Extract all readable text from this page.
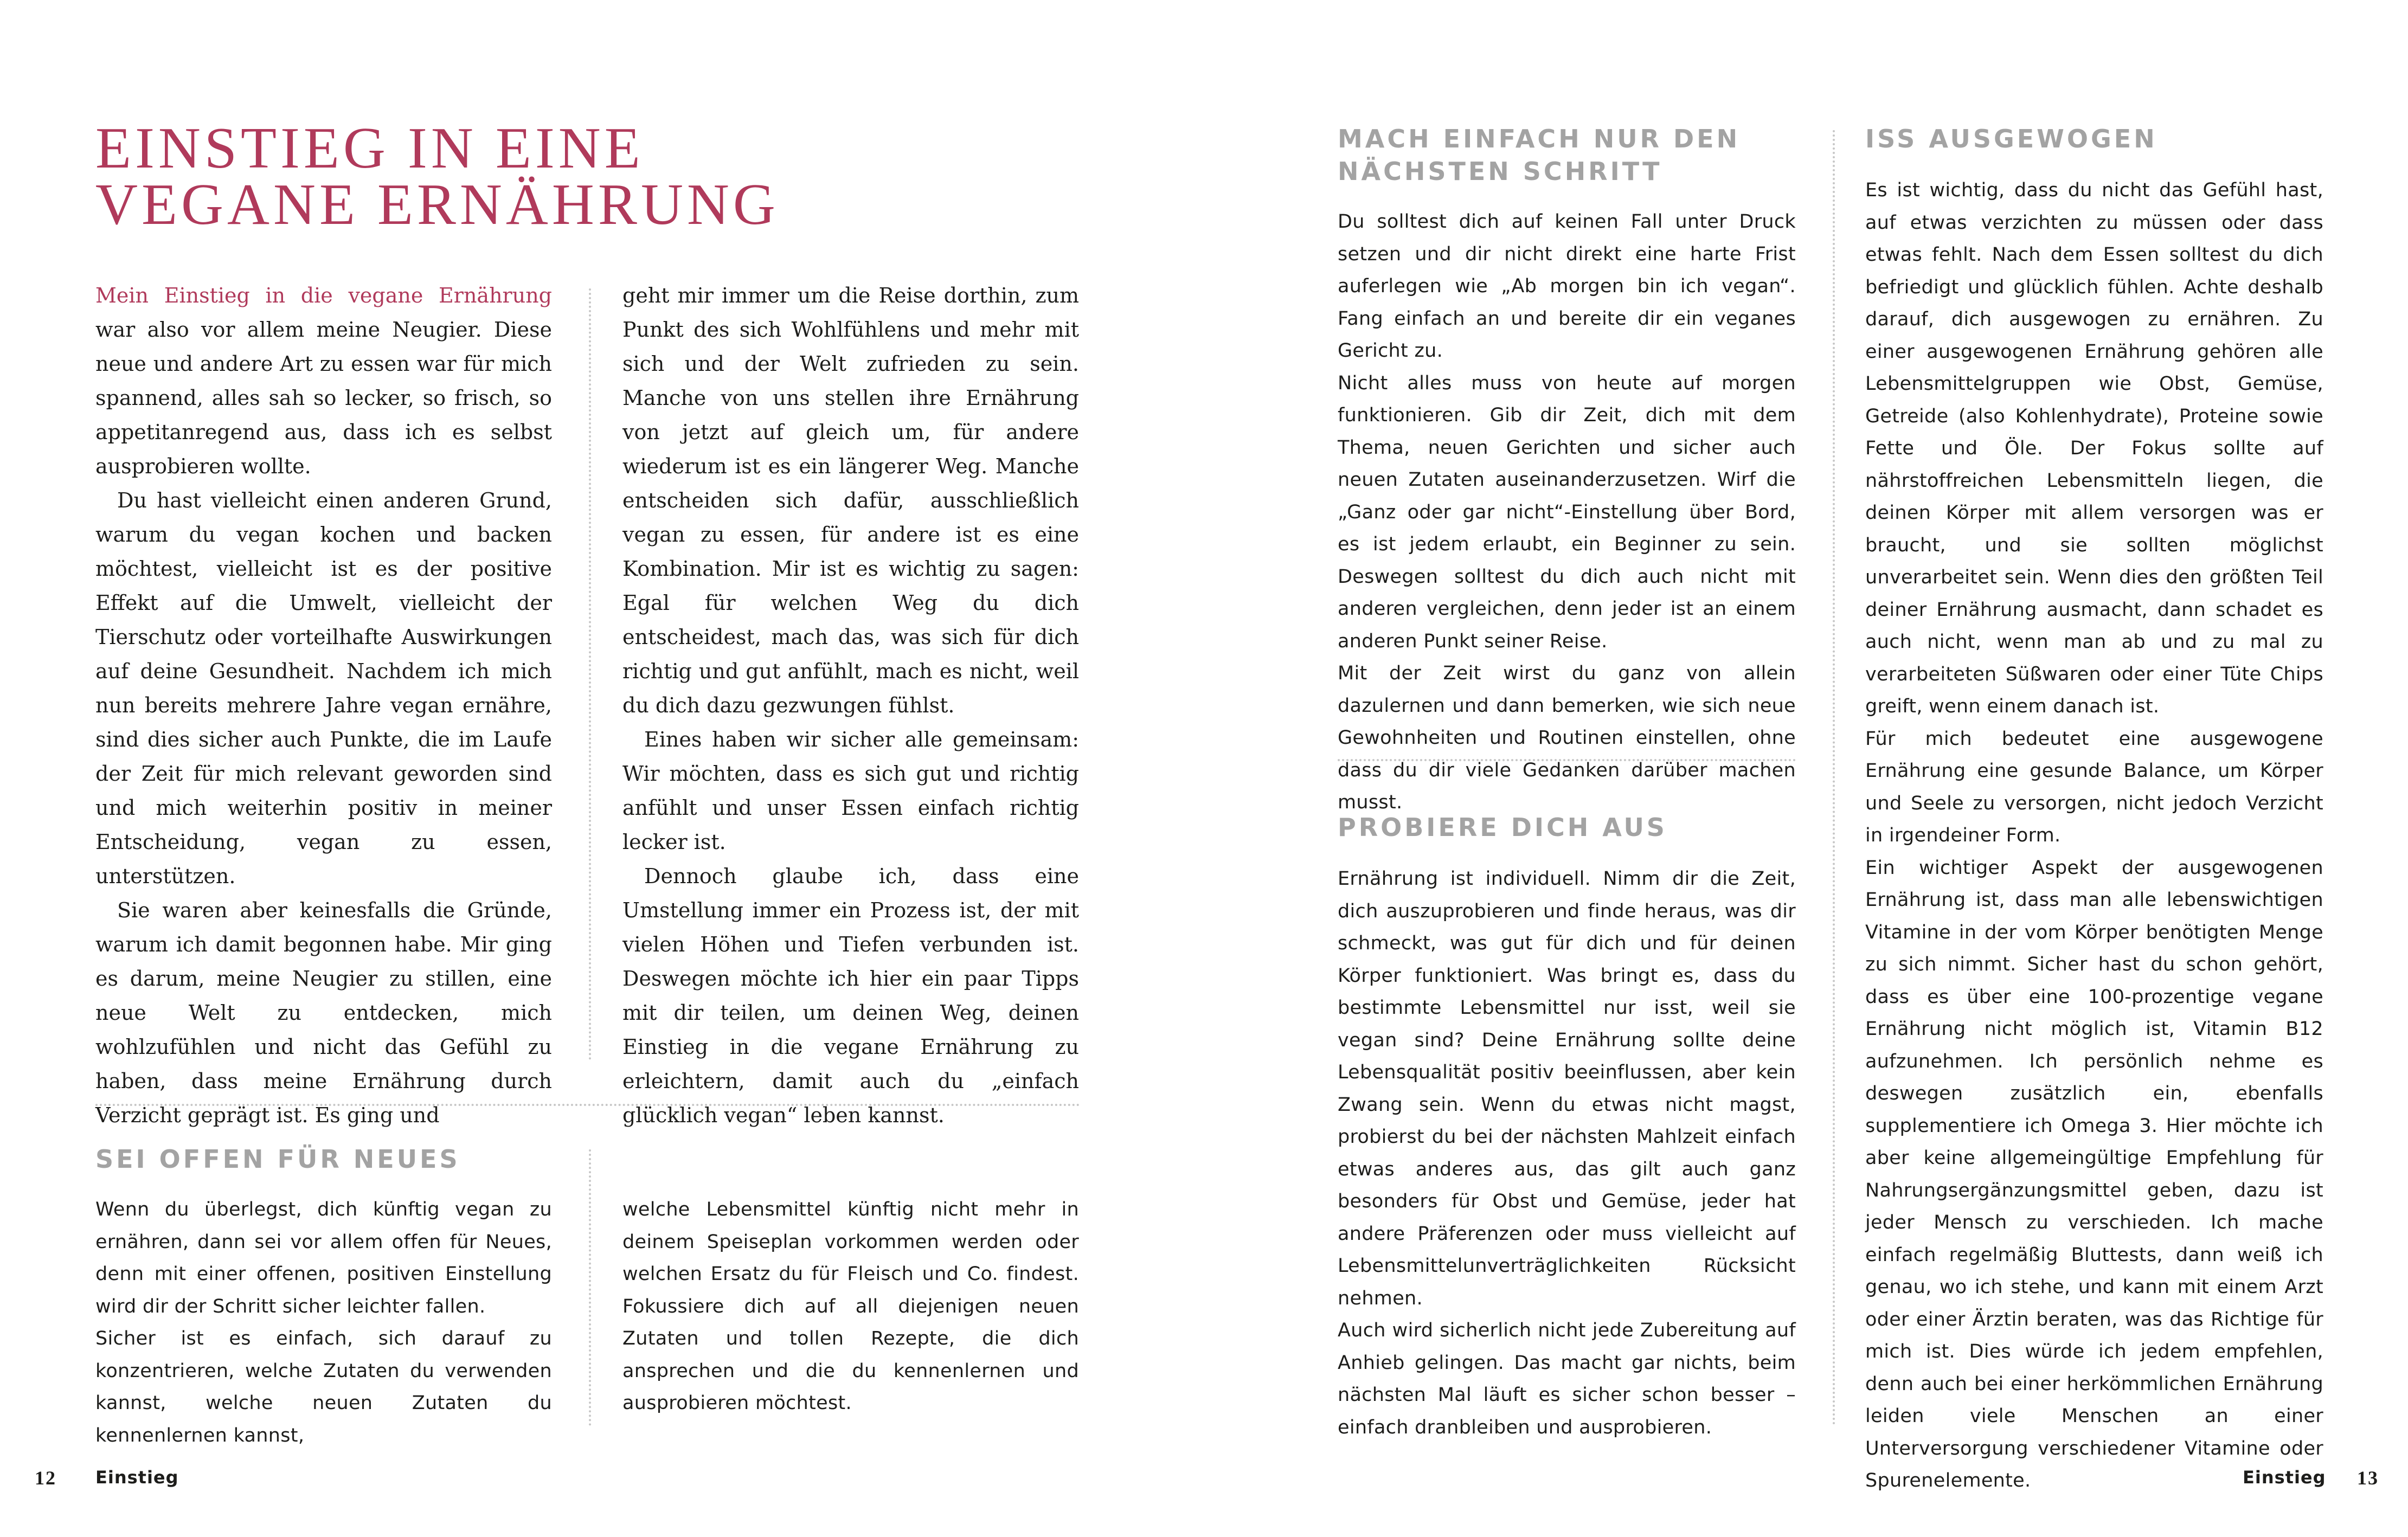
EINSTIEG IN EINE
VEGANE ERNÄHRUNG

Mein Einstieg in die vegane Ernährung war also vor allem meine Neugier. Diese neue und andere Art zu essen war für mich spannend, alles sah so lecker, so frisch, so appetitanregend aus, dass ich es selbst ausprobieren wollte.

Du hast vielleicht einen anderen Grund, warum du vegan kochen und backen möchtest, vielleicht ist es der positive Effekt auf die Umwelt, vielleicht der Tierschutz oder vorteilhafte Auswirkungen auf deine Gesundheit. Nachdem ich mich nun bereits mehrere Jahre vegan ernähre, sind dies sicher auch Punkte, die im Laufe der Zeit für mich relevant geworden sind und mich weiterhin positiv in meiner Entscheidung, vegan zu essen, unterstützen.

Sie waren aber keinesfalls die Gründe, warum ich damit begonnen habe. Mir ging es darum, meine Neugier zu stillen, eine neue Welt zu entdecken, mich wohlzufühlen und nicht das Gefühl zu haben, dass meine Ernährung durch Verzicht geprägt ist. Es ging und

geht mir immer um die Reise dorthin, zum Punkt des sich Wohlfühlens und mehr mit sich und der Welt zufrieden zu sein. Manche von uns stellen ihre Ernährung von jetzt auf gleich um, für andere wiederum ist es ein längerer Weg. Manche entscheiden sich dafür, ausschließlich vegan zu essen, für andere ist es eine Kombination. Mir ist es wichtig zu sagen: Egal für welchen Weg du dich entscheidest, mach das, was sich für dich richtig und gut anfühlt, mach es nicht, weil du dich dazu gezwungen fühlst.

Eines haben wir sicher alle gemeinsam: Wir möchten, dass es sich gut und richtig anfühlt und unser Essen einfach richtig lecker ist.

Dennoch glaube ich, dass eine Umstellung immer ein Prozess ist, der mit vielen Höhen und Tiefen verbunden ist. Deswegen möchte ich hier ein paar Tipps mit dir teilen, um deinen Weg, deinen Einstieg in die vegane Ernährung zu erleichtern, damit auch du „einfach glücklich vegan“ leben kannst.

SEI OFFEN FÜR NEUES

Wenn du überlegst, dich künftig vegan zu ernähren, dann sei vor allem offen für Neues, denn mit einer offenen, positiven Einstellung wird dir der Schritt sicher leichter fallen.

Sicher ist es einfach, sich darauf zu konzentrieren, welche Zutaten du verwenden kannst, welche neuen Zutaten du kennenlernen kannst,

welche Lebensmittel künftig nicht mehr in deinem Speiseplan vorkommen werden oder welchen Ersatz du für Fleisch und Co. findest. Fokussiere dich auf all diejenigen neuen Zutaten und tollen Rezepte, die dich ansprechen und die du kennenlernen und ausprobieren möchtest.

12 Einstieg
MACH EINFACH NUR DEN
NÄCHSTEN SCHRITT

Du solltest dich auf keinen Fall unter Druck setzen und dir nicht direkt eine harte Frist auferlegen wie „Ab morgen bin ich vegan“. Fang einfach an und bereite dir ein veganes Gericht zu.

Nicht alles muss von heute auf morgen funktionieren. Gib dir Zeit, dich mit dem Thema, neuen Gerichten und sicher auch neuen Zutaten auseinanderzusetzen. Wirf die „Ganz oder gar nicht“-Einstellung über Bord, es ist jedem erlaubt, ein Beginner zu sein. Deswegen solltest du dich auch nicht mit anderen vergleichen, denn jeder ist an einem anderen Punkt seiner Reise.

Mit der Zeit wirst du ganz von allein dazulernen und dann bemerken, wie sich neue Gewohnheiten und Routinen einstellen, ohne dass du dir viele Gedanken darüber machen musst.

PROBIERE DICH AUS

Ernährung ist individuell. Nimm dir die Zeit, dich auszuprobieren und finde heraus, was dir schmeckt, was gut für dich und für deinen Körper funktioniert. Was bringt es, dass du bestimmte Lebensmittel nur isst, weil sie vegan sind? Deine Ernährung sollte deine Lebensqualität positiv beeinflussen, aber kein Zwang sein. Wenn du etwas nicht magst, probierst du bei der nächsten Mahlzeit einfach etwas anderes aus, das gilt auch ganz besonders für Obst und Gemüse, jeder hat andere Präferenzen oder muss vielleicht auf Lebensmittelunverträglichkeiten Rücksicht nehmen.

Auch wird sicherlich nicht jede Zubereitung auf Anhieb gelingen. Das macht gar nichts, beim nächsten Mal läuft es sicher schon besser – einfach dranbleiben und ausprobieren.

ISS AUSGEWOGEN

Es ist wichtig, dass du nicht das Gefühl hast, auf etwas verzichten zu müssen oder dass etwas fehlt. Nach dem Essen solltest du dich befriedigt und glücklich fühlen. Achte deshalb darauf, dich ausgewogen zu ernähren. Zu einer ausgewogenen Ernährung gehören alle Lebensmittelgruppen wie Obst, Gemüse, Getreide (also Kohlenhydrate), Proteine sowie Fette und Öle. Der Fokus sollte auf nährstoffreichen Lebensmitteln liegen, die deinen Körper mit allem versorgen was er braucht, und sie sollten möglichst unverarbeitet sein. Wenn dies den größten Teil deiner Ernährung ausmacht, dann schadet es auch nicht, wenn man ab und zu mal zu verarbeiteten Süßwaren oder einer Tüte Chips greift, wenn einem danach ist.

Für mich bedeutet eine ausgewogene Ernährung eine gesunde Balance, um Körper und Seele zu versorgen, nicht jedoch Verzicht in irgendeiner Form.

Ein wichtiger Aspekt der ausgewogenen Ernährung ist, dass man alle lebenswichtigen Vitamine in der vom Körper benötigten Menge zu sich nimmt. Sicher hast du schon gehört, dass es über eine 100-prozentige vegane Ernährung nicht möglich ist, Vitamin B12 aufzunehmen. Ich persönlich nehme es deswegen zusätzlich ein, ebenfalls supplementiere ich Omega 3. Hier möchte ich aber keine allgemeingültige Empfehlung für Nahrungsergänzungsmittel geben, dazu ist jeder Mensch zu verschieden. Ich mache einfach regelmäßig Bluttests, dann weiß ich genau, wo ich stehe, und kann mit einem Arzt oder einer Ärztin beraten, was das Richtige für mich ist. Dies würde ich jedem empfehlen, denn auch bei einer herkömmlichen Ernährung leiden viele Menschen an einer Unterversorgung verschiedener Vitamine oder Spurenelemente.	Einstieg 13
